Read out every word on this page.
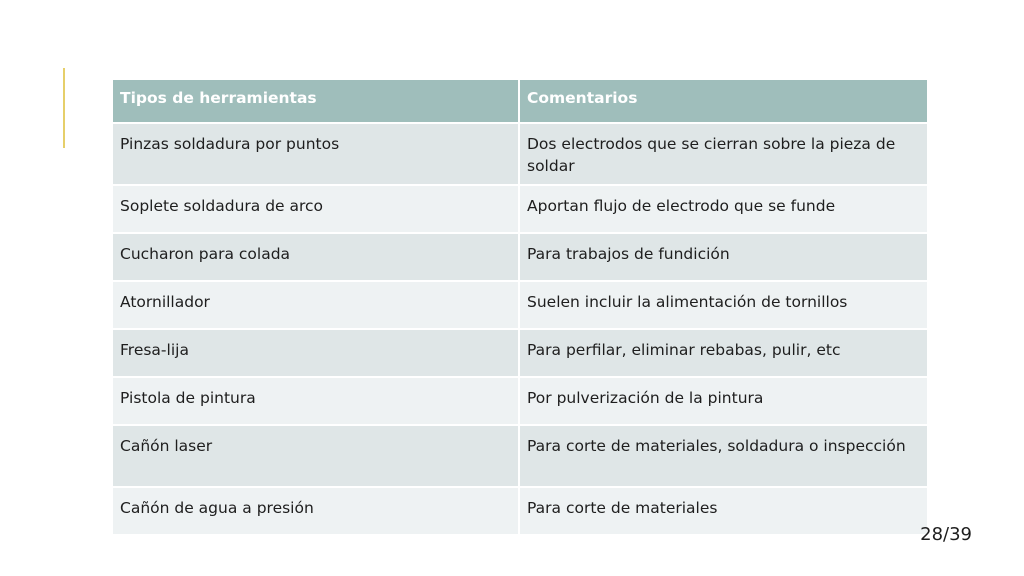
Tipos de herramientas	Comentarios
Pinzas soldadura por puntos	Dos electrodos que se cierran sobre la pieza de soldar
Soplete soldadura de arco	Aportan flujo de electrodo que se funde
Cucharon para colada	Para trabajos de fundición
Atornillador	Suelen incluir la alimentación de tornillos
Fresa-lija	Para perfilar, eliminar rebabas, pulir, etc
Pistola de pintura	Por pulverización de la pintura
Cañón laser	Para corte de materiales, soldadura o inspección
Cañón de agua a presión	Para corte de materiales
28/39
